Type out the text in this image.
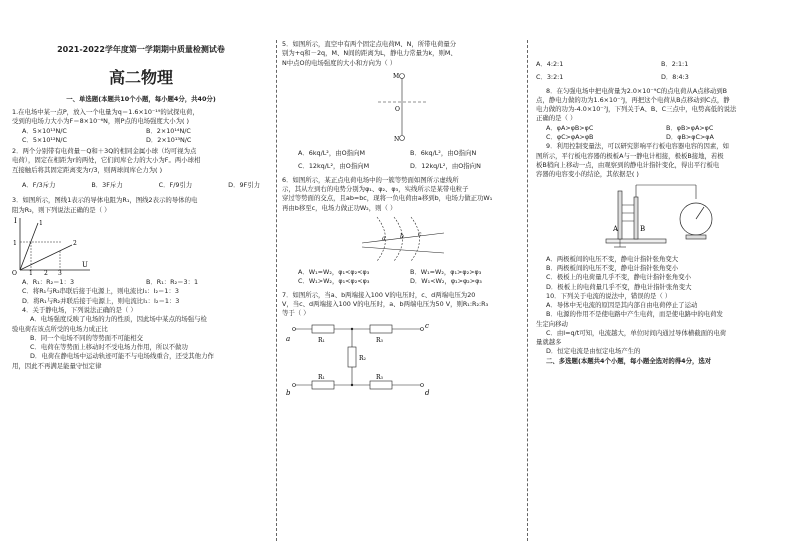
2021-2022学年度第一学期期中质量检测试卷
高二物理
一、单选题(本题共10个小题，每小题4分，共40分)
1.在电场中某一点P，放入一个电量为q＝1.6×10⁻¹⁹的试探电荷，
受到的电场力大小为F＝8×10⁻⁶N，则P点的电场强度大小为( )
A．5×10¹³N/C	B．2×10¹⁴N/C
C．5×10¹²N/C	D．2×10¹³N/C
2．两个分别带有电荷量－Q和＋3Q的相同金属小球（均可视为点
电荷），固定在相距为r的两处，它们间库仑力的大小为F。两小球相
互接触后将其固定距离变为r/3，则两球间库仑力为( )
A．F/3斥力	B．3F斥力	C．F/9引力	D．9F引力
3．如图所示，图线1表示的导体电阻为R₁，图线2表示的导体的电
阻为R₂，则下列说法正确的是（ ）
I
U
O
1
1 2 3
1
2
A．R₁：R₂＝1：3	B．R₁：R₂＝3：1
C．将R₁与R₂串联后接于电源上，则电流比I₁：I₂＝1：3
D．将R₁与R₂并联后接于电源上，则电流比I₁：I₂＝1：3
4．关于静电场，下列说法正确的是（ ）
A．电场强度反映了电场的力的性质，因此场中某点的场强与检
验电荷在该点所受的电场力成正比
B．同一个电场不同的等势面不可能相交
C．电荷在等势面上移动时不受电场力作用，所以不做功
D．电荷在静电场中运动轨迹可能不与电场线重合，还受其他力作
用，因此不再满足能量守恒定律
5．如图所示，直空中有两个固定点电荷M、N，所带电荷量分
别为+q和－2q，M、N间的距离为L，静电力常量为k，则M、
N中点O的电场强度的大小和方向为（ ）
M
O
N
A．6kq/L²，由O指向M	B．6kq/L²，由O指向N
C．12kq/L²，由O指向M	D．12kq/L²，由O指向N
6．如图所示，某正点电荷电场中的一簇等势面如图所示虚线所
示，其从左到右的电势分别为φ₁、φ₂、φ₃，实线所示是某带电粒子
穿过等势面的交点，且ab=bc，现将一负电荷由a移到b，电场力做正功W₁
再由b移至c，电场力做正功W₂，则（ ）
a b c
A．W₁=W₂，φ₁<φ₂<φ₃	B．W₁=W₂，φ₁>φ₂>φ₃
C．W₁>W₂，φ₁<φ₂<φ₃	D．W₁<W₂，φ₁>φ₂>φ₃
7．如图所示，当a、b两端接入100 V的电压时，c、d两端电压为20
V，当c、d两端接入100 V的电压时，a、b两端电压为50 V，则R₁:R₂:R₃
等于（ ）
a
b
c
d
R₁	R₃
R₁	R₃
R₂
A．4:2:1	B．2:1:1
C．3:2:1	D．8:4:3
8．在匀强电场中把电荷量为2.0×10⁻⁹C的点电荷从A点移动到B
点，静电力做的功为1.6×10⁻⁷J，再把这个电荷从B点移动到C点，静
电力做的功为-4.0×10⁻⁷J，下列关于A、B、C三点中，电势高低的说法
正确的是（ ）
A．φA>φB>φC	B．φB>φA>φC
C．φC>φA>φB	D．φB>φC>φA
9．利用控制变量法，可以研究影响平行板电容器电容的因素，如
图所示，平行板电容器的极板A与一静电计相接，极板B接地，若极
板B稍向上移动一点，由观察到的静电计指针变化，得出平行板电
容器的电容变小的结论，其依据是( )
A	B
A．两极板间的电压不变，静电计指针张角变大
B．两极板间的电压不变，静电计指针张角变小
C．极板上的电荷量几乎不变，静电计指针张角变小
D．极板上的电荷量几乎不变，静电计指针张角变大
10．下列关于电流的说法中，错误的是（ ）
A．导体中无电流的原因是其内部自由电荷停止了运动
B．电源的作用不是使电路中产生电荷，而是使电路中的电荷发
生定向移动
C．由I=q/t可知，电流越大，单位时间内通过导体横截面的电荷
量就越多
D．恒定电流是由恒定电场产生的
二、多选题(本题共4个小题，每小题全选对的得4分，选对
